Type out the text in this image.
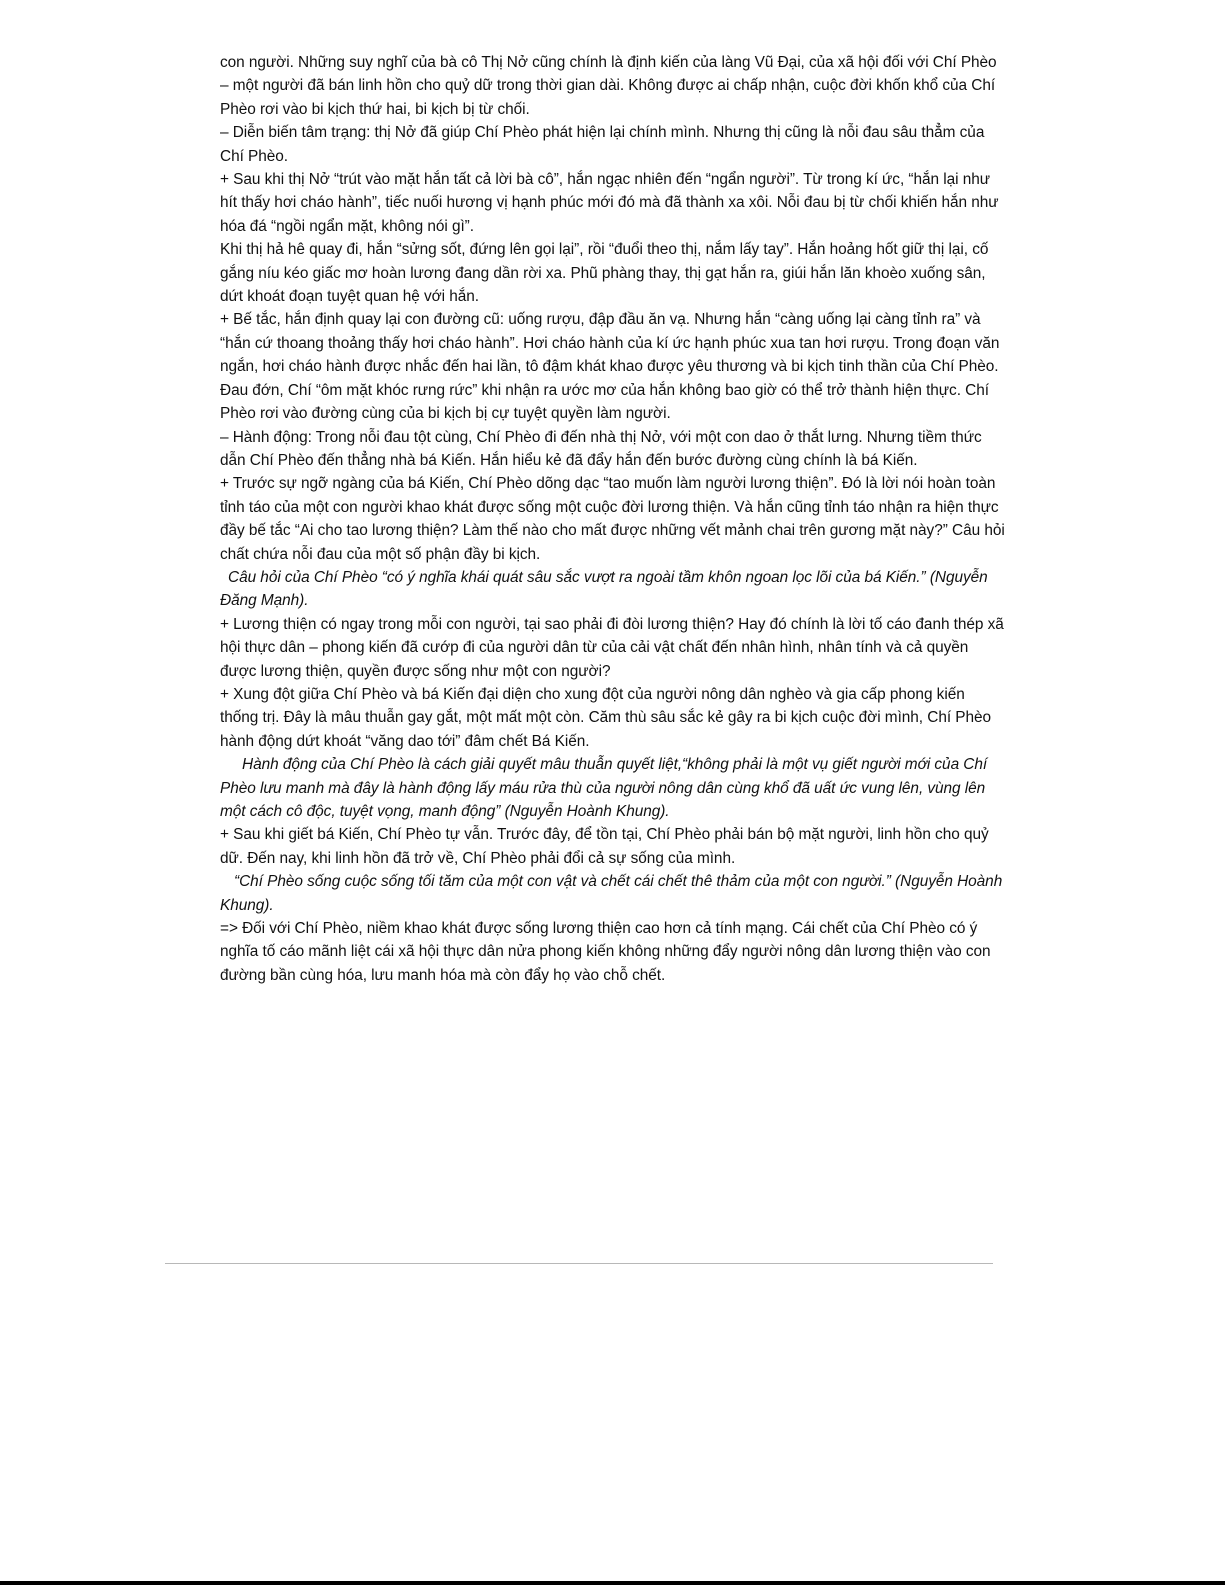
con người. Những suy nghĩ của bà cô Thị Nở cũng chính là định kiến của làng Vũ Đại, của xã hội đối với Chí Phèo – một người đã bán linh hồn cho quỷ dữ trong thời gian dài. Không được ai chấp nhận, cuộc đời khốn khổ của Chí Phèo rơi vào bi kịch thứ hai, bi kịch bị từ chối.

– Diễn biến tâm trạng: thị Nở đã giúp Chí Phèo phát hiện lại chính mình. Nhưng thị cũng là nỗi đau sâu thẳm của Chí Phèo.

+ Sau khi thị Nở “trút vào mặt hắn tất cả lời bà cô”, hắn ngạc nhiên đến “ngẩn người”. Từ trong kí ức, “hắn lại như hít thấy hơi cháo hành”, tiếc nuối hương vị hạnh phúc mới đó mà đã thành xa xôi. Nỗi đau bị từ chối khiến hắn như hóa đá “ngồi ngẩn mặt, không nói gì”.

Khi thị hả hê quay đi, hắn “sửng sốt, đứng lên gọi lại”, rồi “đuổi theo thị, nắm lấy tay”. Hắn hoảng hốt giữ thị lại, cố gắng níu kéo giấc mơ hoàn lương đang dần rời xa. Phũ phàng thay, thị gạt hắn ra, giúi hắn lăn khoèo xuống sân, dứt khoát đoạn tuyệt quan hệ với hắn.

+ Bế tắc, hắn định quay lại con đường cũ: uống rượu, đập đầu ăn vạ. Nhưng hắn “càng uống lại càng tỉnh ra” và “hắn cứ thoang thoảng thấy hơi cháo hành”. Hơi cháo hành của kí ức hạnh phúc xua tan hơi rượu. Trong đoạn văn ngắn, hơi cháo hành được nhắc đến hai lần, tô đậm khát khao được yêu thương và bi kịch tinh thần của Chí Phèo. Đau đớn, Chí “ôm mặt khóc rưng rức” khi nhận ra ước mơ của hắn không bao giờ có thể trở thành hiện thực. Chí Phèo rơi vào đường cùng của bi kịch bị cự tuyệt quyền làm người.

– Hành động: Trong nỗi đau tột cùng, Chí Phèo đi đến nhà thị Nở, với một con dao ở thắt lưng. Nhưng tiềm thức dẫn Chí Phèo đến thẳng nhà bá Kiến. Hắn hiểu kẻ đã đẩy hắn đến bước đường cùng chính là bá Kiến.

+ Trước sự ngỡ ngàng của bá Kiến, Chí Phèo dõng dạc “tao muốn làm người lương thiện”. Đó là lời nói hoàn toàn tỉnh táo của một con người khao khát được sống một cuộc đời lương thiện. Và hắn cũng tỉnh táo nhận ra hiện thực đầy bế tắc “Ai cho tao lương thiện? Làm thế nào cho mất được những vết mảnh chai trên gương mặt này?” Câu hỏi chất chứa nỗi đau của một số phận đầy bi kịch.

Câu hỏi của Chí Phèo “có ý nghĩa khái quát sâu sắc vượt ra ngoài tầm khôn ngoan lọc lõi của bá Kiến.” (Nguyễn Đăng Mạnh).

+ Lương thiện có ngay trong mỗi con người, tại sao phải đi đòi lương thiện? Hay đó chính là lời tố cáo đanh thép xã hội thực dân – phong kiến đã cướp đi của người dân từ của cải vật chất đến nhân hình, nhân tính và cả quyền được lương thiện, quyền được sống như một con người?

+ Xung đột giữa Chí Phèo và bá Kiến đại diện cho xung đột của người nông dân nghèo và gia cấp phong kiến thống trị. Đây là mâu thuẫn gay gắt, một mất một còn. Căm thù sâu sắc kẻ gây ra bi kịch cuộc đời mình, Chí Phèo hành động dứt khoát “văng dao tới” đâm chết Bá Kiến.

Hành động của Chí Phèo là cách giải quyết mâu thuẫn quyết liệt,“không phải là một vụ giết người mới của Chí Phèo lưu manh mà đây là hành động lấy máu rửa thù của người nông dân cùng khổ đã uất ức vung lên, vùng lên một cách cô độc, tuyệt vọng, manh động” (Nguyễn Hoành Khung).

+ Sau khi giết bá Kiến, Chí Phèo tự vẫn. Trước đây, để tồn tại, Chí Phèo phải bán bộ mặt người, linh hồn cho quỷ dữ. Đến nay, khi linh hồn đã trở về, Chí Phèo phải đổi cả sự sống của mình.

“Chí Phèo sống cuộc sống tối tăm của một con vật và chết cái chết thê thảm của một con người.” (Nguyễn Hoành Khung).

=> Đối với Chí Phèo, niềm khao khát được sống lương thiện cao hơn cả tính mạng. Cái chết của Chí Phèo có ý nghĩa tố cáo mãnh liệt cái xã hội thực dân nửa phong kiến không những đẩy người nông dân lương thiện vào con đường bần cùng hóa, lưu manh hóa mà còn đẩy họ vào chỗ chết.
